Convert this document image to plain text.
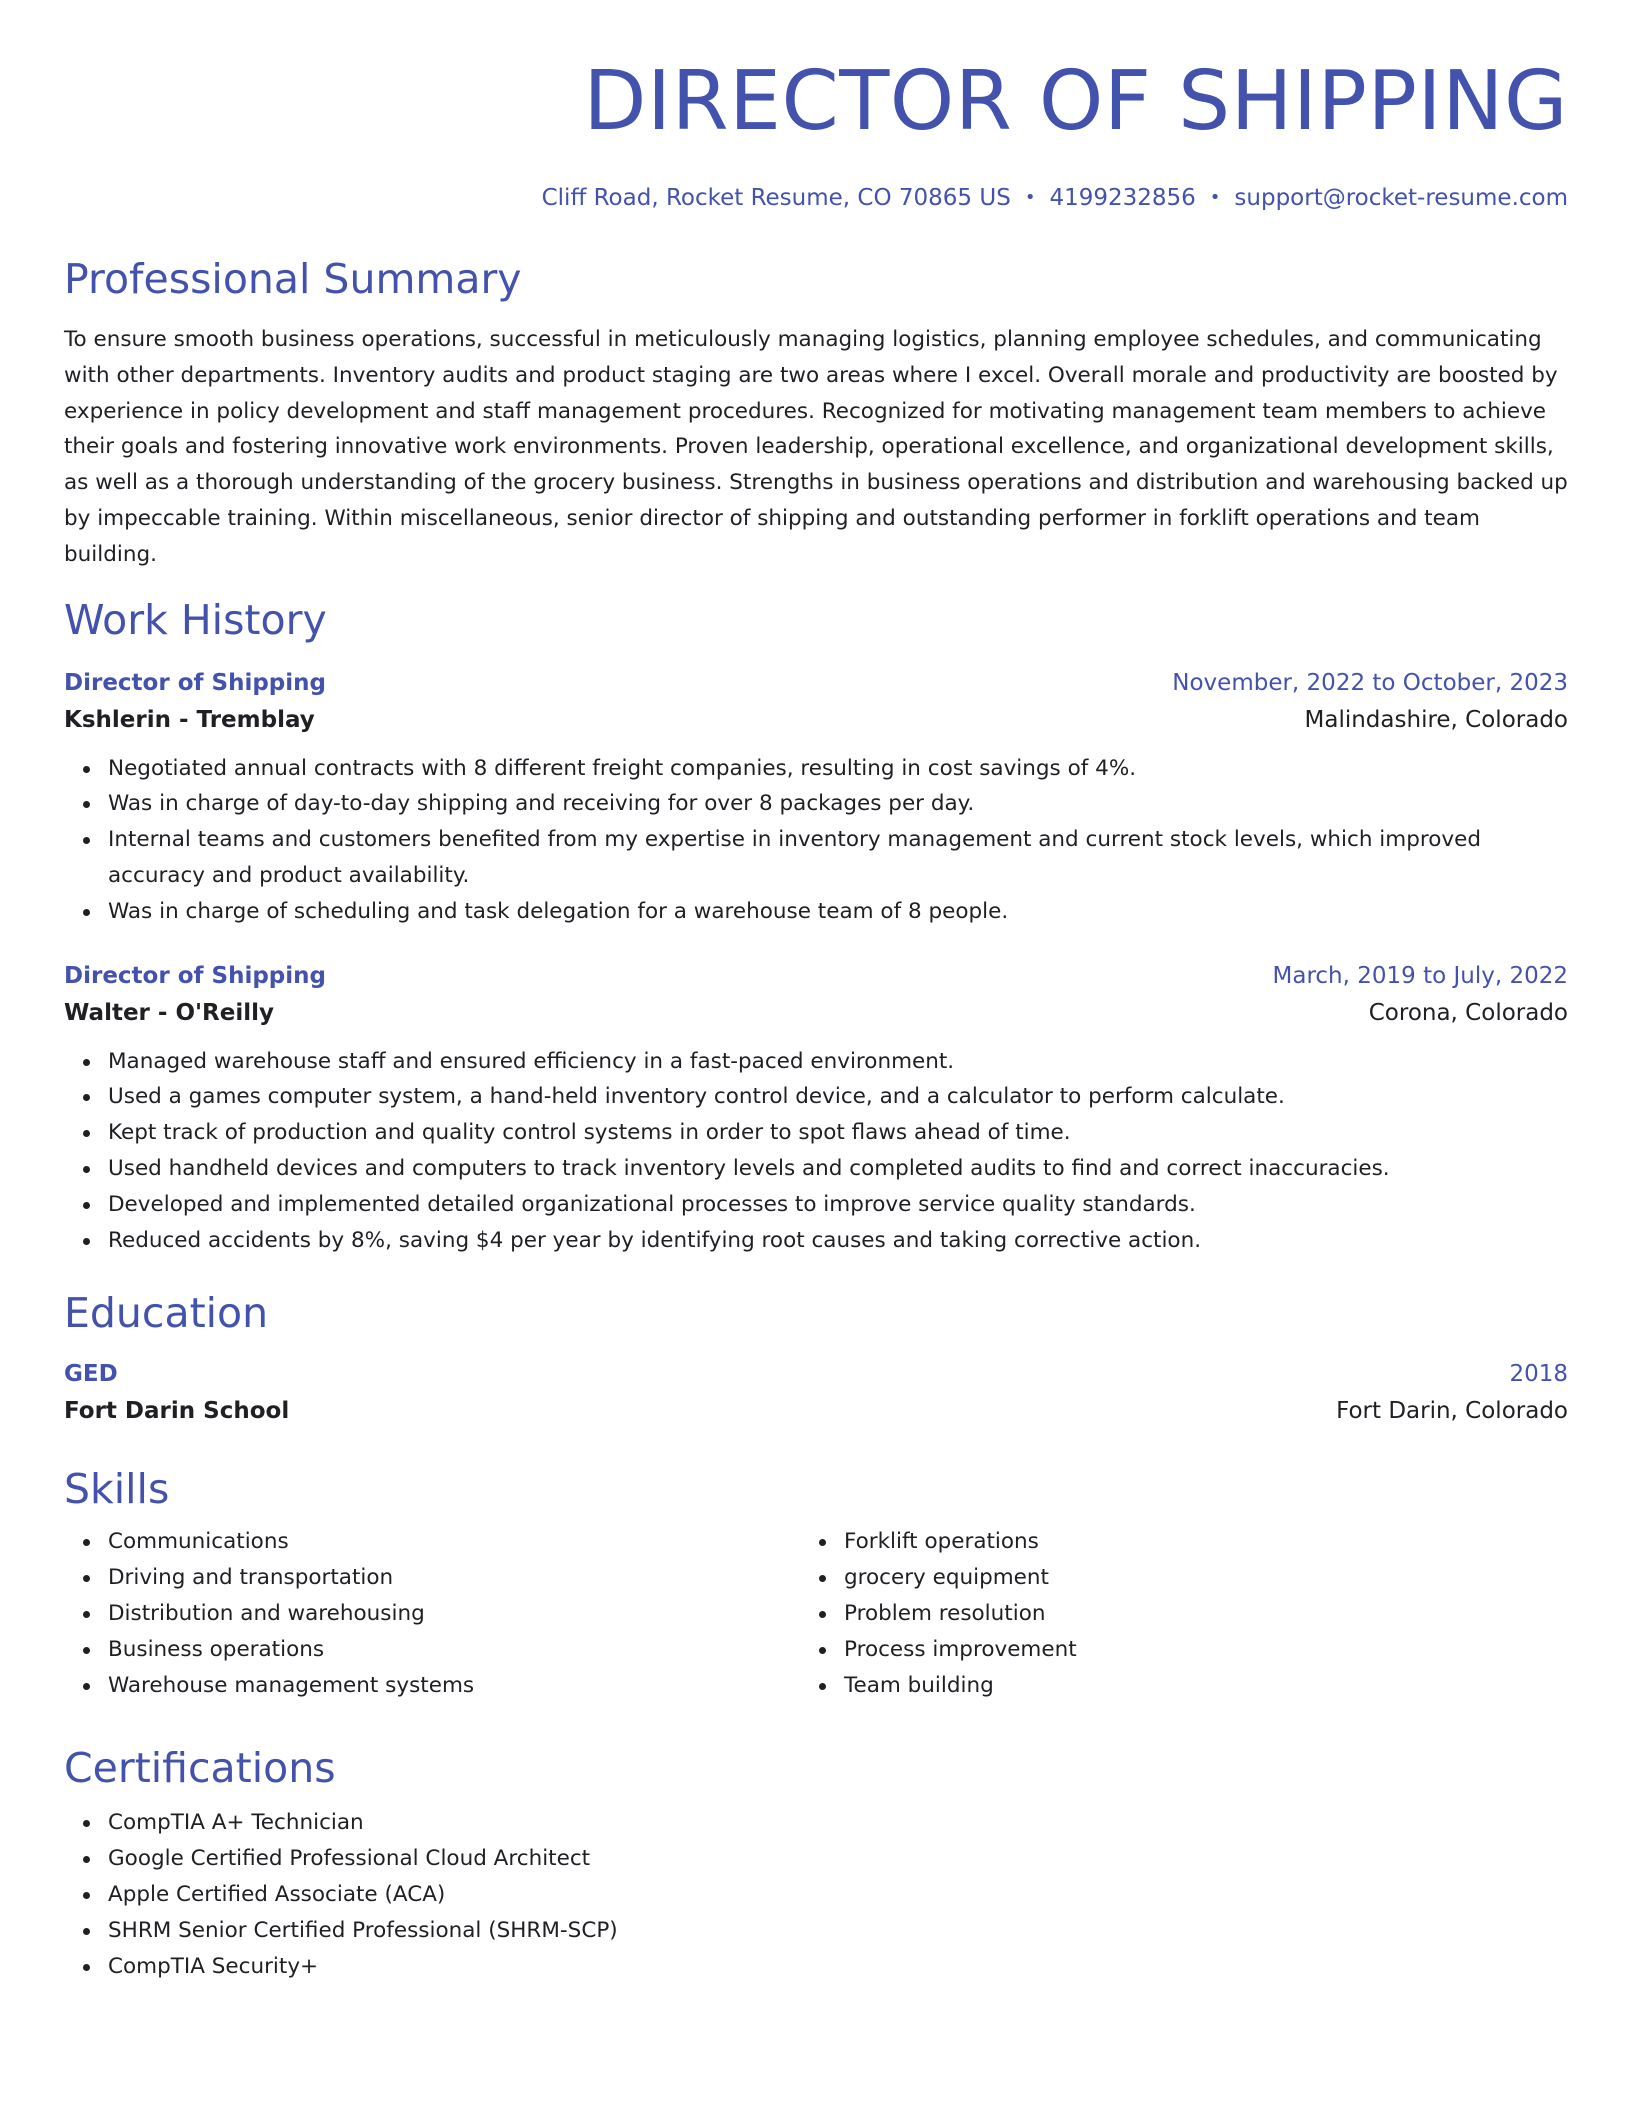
DIRECTOR OF SHIPPING
Cliff Road, Rocket Resume, CO 70865 US • 4199232856 • support@rocket-resume.com
Professional Summary

To ensure smooth business operations, successful in meticulously managing logistics, planning employee schedules, and communicating with other departments. Inventory audits and product staging are two areas where I excel. Overall morale and productivity are boosted by experience in policy development and staff management procedures. Recognized for motivating management team members to achieve their goals and fostering innovative work environments. Proven leadership, operational excellence, and organizational development skills, as well as a thorough understanding of the grocery business. Strengths in business operations and distribution and warehousing backed up by impeccable training. Within miscellaneous, senior director of shipping and outstanding performer in forklift operations and team building.

Work History
Director of Shipping	November, 2022 to October, 2023
Kshlerin - Tremblay	Malindashire, Colorado
Negotiated annual contracts with 8 different freight companies, resulting in cost savings of 4%.
Was in charge of day-to-day shipping and receiving for over 8 packages per day.
Internal teams and customers benefited from my expertise in inventory management and current stock levels, which improved accuracy and product availability.
Was in charge of scheduling and task delegation for a warehouse team of 8 people.
Director of Shipping	March, 2019 to July, 2022
Walter - O'Reilly	Corona, Colorado
Managed warehouse staff and ensured efficiency in a fast-paced environment.
Used a games computer system, a hand-held inventory control device, and a calculator to perform calculate.
Kept track of production and quality control systems in order to spot flaws ahead of time.
Used handheld devices and computers to track inventory levels and completed audits to find and correct inaccuracies.
Developed and implemented detailed organizational processes to improve service quality standards.
Reduced accidents by 8%, saving $4 per year by identifying root causes and taking corrective action.
Education
GED	2018
Fort Darin School	Fort Darin, Colorado
Skills
Communications
Driving and transportation
Distribution and warehousing
Business operations
Warehouse management systems
Forklift operations
grocery equipment
Problem resolution
Process improvement
Team building
Certifications
CompTIA A+ Technician
Google Certified Professional Cloud Architect
Apple Certified Associate (ACA)
SHRM Senior Certified Professional (SHRM-SCP)
CompTIA Security+
